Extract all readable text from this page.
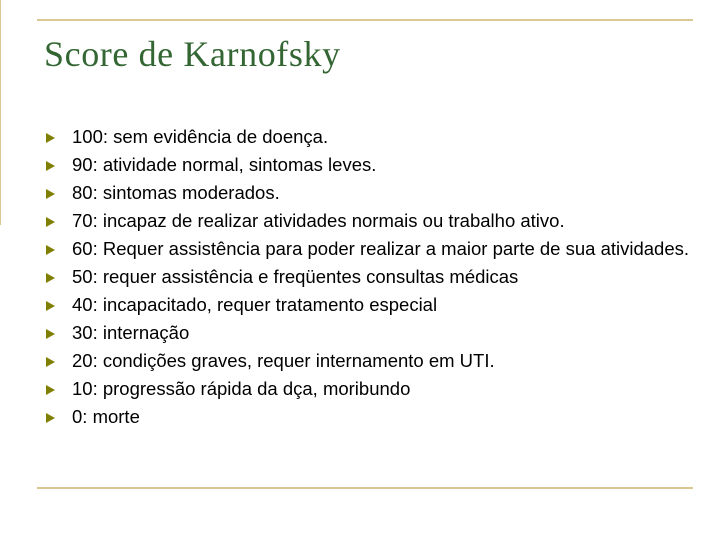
Score de Karnofsky
100: sem evidência de doença.
90: atividade normal, sintomas leves.
80: sintomas moderados.
70: incapaz de realizar atividades normais ou trabalho ativo.
60: Requer assistência para poder realizar a maior parte de sua atividades.
50: requer assistência e freqüentes consultas médicas
40: incapacitado, requer tratamento especial
30: internação
20: condições graves, requer internamento em UTI.
10: progressão rápida da dça, moribundo
0: morte
